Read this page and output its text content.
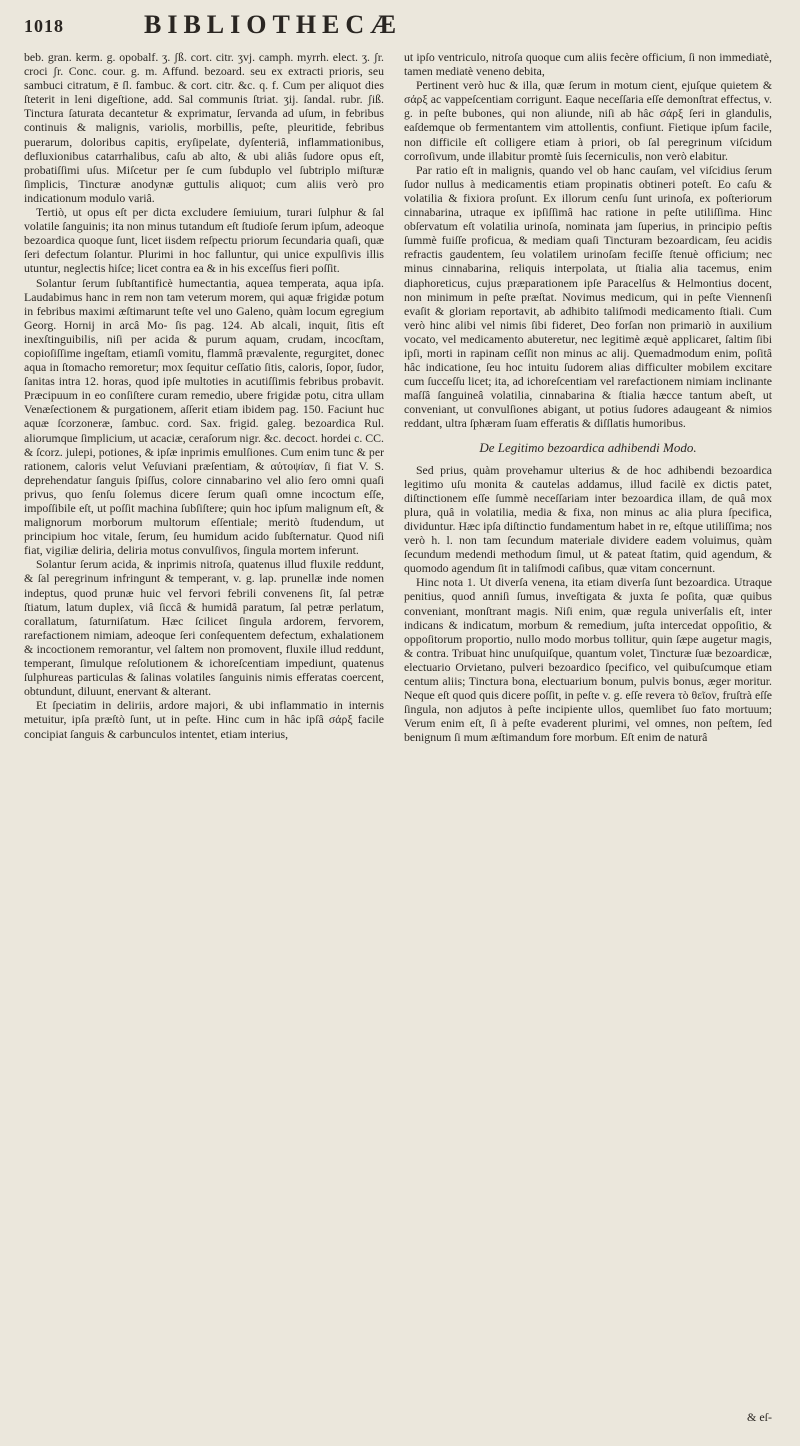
1018	BIBLIOTHECÆ

beb. gran. kerm. g. opobalf. ʒ. ʃß. cort. citr. ʒvj. camph. myrrh. elect. ʒ. ʃr. croci ʃr. Conc. cour. g. m. Affund. bezoard. seu ex extracti prioris, seu sambuci citratum, ē ſl. fambuc. & cort. citr. &c. q. f. Cum per aliquot dies ſteterit in leni digeſtione, add. Sal communis ſtriat. ʒij. ſandal. rubr. ʃiß. Tinctura ſaturata decantetur & exprimatur, ſervanda ad uſum, in febribus continuis & malignis, variolis, morbillis, peſte, pleuritide, febribus puerarum, doloribus capitis, eryſipelate, dyſenteriâ, inflammationibus, defluxionibus catarrhalibus, caſu ab alto, & ubi aliâs ſudore opus eſt, probatiſſimi uſus. Miſcetur per ſe cum ſubduplo vel ſubtriplo miſturæ ſimplicis, Tincturæ anodynæ guttulis aliquot; cum aliis verò pro indicationum modulo variâ.

Tertiò, ut opus eſt per dicta excludere ſemiuium, turari ſulphur & ſal volatile ſanguinis; ita non minus tutandum eſt ſtudioſe ſerum ipſum, adeoque bezoardica quoque ſunt, licet iisdem reſpectu priorum ſecundaria quaſi, quæ ſeri defectum ſolantur. Plurimi in hoc falluntur, qui unice expulſivis illis utuntur, neglectis hiſce; licet contra ea & in his exceſſus fieri poſſit.

Solantur ſerum ſubſtantificè humectantia, aquea temperata, aqua ipſa. Laudabimus hanc in rem non tam veterum morem, qui aquæ frigidæ potum in febribus maximi æſtimarunt teſte vel uno Galeno, quàm locum egregium Georg. Hornij in arcâ Mo- ſis pag. 124. Ab alcali, inquit, ſitis eſt inexſtinguibilis, niſi per acida & purum aquam, crudam, incocſtam, copioſiſſime ingeſtam, etiamſi vomitu, flammâ prævalente, regurgitet, donec aqua in ſtomacho remoretur; mox ſequitur ceſſatio ſitis, caloris, ſopor, ſudor, ſanitas intra 12. horas, quod ipſe multoties in acutiſſimis febribus probavit. Præcipuum in eo conſiſtere curam remedio, ubere frigidæ potu, citra ullam Venæſectionem & purgationem, aſſerit etiam ibidem pag. 150. Faciunt huc aquæ ſcorzoneræ, ſambuc. cord. Sax. frigid. galeg. bezoardica Rul. aliorumque ſimplicium, ut acaciæ, ceraſorum nigr. &c. decoct. hordei c. CC. & ſcorz. julepi, potiones, & ipſæ inprimis emulſiones. Cum enim tunc & per rationem, caloris velut Veſuviani præſentiam, & αὐτοψίαν, ſi fiat V. S. deprehendatur ſanguis ſpiſſus, colore cinnabarino vel alio ſero omni quaſi privus, quo ſenſu ſolemus dicere ſerum quaſi omne incoctum eſſe, impoſſibile eſt, ut poſſit machina ſubſiſtere; quin hoc ipſum malignum eſt, & malignorum morborum multorum eſſentiale; meritò ſtudendum, ut principium hoc vitale, ſerum, ſeu humidum acido ſubſternatur. Quod niſi fiat, vigiliæ deliria, deliria motus convulſivos, ſingula mortem inferunt.

Solantur ſerum acida, & inprimis nitroſa, quatenus illud fluxile reddunt, & ſal peregrinum infringunt & temperant, v. g. lap. prunellæ inde nomen indeptus, quod prunæ huic vel fervori febrili convenens ſit, ſal petræ ſtiatum, latum duplex, viâ ſiccâ & humidâ paratum, ſal petræ perlatum, corallatum, ſaturniſatum. Hæc ſcilicet ſingula ardorem, fervorem, rarefactionem nimiam, adeoque ſeri conſequentem defectum, exhalationem & incoctionem remorantur, vel ſaltem non promovent, fluxile illud reddunt, temperant, ſimulque reſolutionem & ichoreſcentiam impediunt, quatenus ſulphureas particulas & ſalinas volatiles ſanguinis nimis efferatas coercent, obtundunt, diluunt, enervant & alterant.

Et ſpeciatim in deliriis, ardore majori, & ubi inflammatio in internis metuitur, ipſa præſtò ſunt, ut in peſte. Hinc cum in hâc ipſâ σάρξ facile concipiat ſanguis & carbunculos intentet, etiam interius,

ut ipſo ventriculo, nitroſa quoque cum aliis fecère officium, ſi non immediatè, tamen mediatè veneno debita,

Pertinent verò huc & illa, quæ ſerum in motum cient, ejuſque quietem & σάρξ ac vappeſcentiam corrigunt. Eaque neceſſaria eſſe demonſtrat effectus, v. g. in peſte bubones, qui non aliunde, niſi ab hâc σάρξ ſeri in glandulis, eaſdemque ob fermentantem vim attollentis, confiunt. Fietique ipſum facile, non difficile eſt colligere etiam à priori, ob ſal peregrinum viſcidum corroſivum, unde illabitur promtè ſuis ſecerniculis, non verò elabitur.

Par ratio eſt in malignis, quando vel ob hanc cauſam, vel viſcidius ſerum ſudor nullus à medicamentis etiam propinatis obtineri poteſt. Eo caſu & volatilia & fixiora proſunt. Ex illorum cenſu ſunt urinoſa, ex poſteriorum cinnabarina, utraque ex ipſiſſimâ hac ratione in peſte utiliſſima. Hinc obſervatum eſt volatilia urinoſa, nominata jam ſuperius, in principio peſtis ſummè fuiſſe proficua, & mediam quaſi Tincturam bezoardicam, ſeu acidis refractis gaudentem, ſeu volatilem urinoſam feciſſe ſtenuè officium; nec minus cinnabarina, reliquis interpolata, ut ſtialia alia tacemus, enim diaphoreticus, cujus præparationem ipſe Paracelſus & Helmontius docent, non minimum in peſte præſtat. Novimus medicum, qui in peſte Viennenſi evaſit & gloriam reportavit, ab adhibito taliſmodi medicamento ſtiali. Cum verò hinc alibi vel nimis ſibi fideret, Deo forſan non primariò in auxilium vocato, vel medicamento abuteretur, nec legitimè æquè applicaret, ſaltim ſibi ipſi, morti in rapinam ceſſit non minus ac alij. Quemadmodum enim, poſitâ hâc indicatione, ſeu hoc intuitu ſudorem alias difficulter mobilem excitare cum ſucceſſu licet; ita, ad ichoreſcentiam vel rarefactionem nimiam inclinante maſſâ ſanguineâ volatilia, cinnabarina & ſtialia hæcce tantum abeſt, ut conveniant, ut convulſiones abigant, ut potius ſudores adaugeant & nimios reddant, ultra ſphæram ſuam efferatis & diſſlatis humoribus.

De Legitimo bezoardica adhibendi Modo.

Sed prius, quàm provehamur ulterius & de hoc adhibendi bezoardica legitimo uſu monita & cautelas addamus, illud facilè ex dictis patet, diſtinctionem eſſe ſummè neceſſariam inter bezoardica illam, de quâ mox plura, quâ in volatilia, media & fixa, non minus ac alia plura ſpecifica, dividuntur. Hæc ipſa diſtinctio fundamentum habet in re, eſtque utiliſſima; nos verò h. l. non tam ſecundum materiale dividere eadem voluimus, quàm ſecundum medendi methodum ſimul, ut & pateat ſtatim, quid agendum, & quomodo agendum ſit in taliſmodi caſibus, quæ vitam concernunt.

Hinc nota 1. Ut diverſa venena, ita etiam diverſa ſunt bezoardica. Utraque penitius, quod anniſi ſumus, inveſtigata & juxta ſe poſita, quæ quibus conveniant, monſtrant magis. Niſi enim, quæ regula univerſalis eſt, inter indicans & indicatum, morbum & remedium, juſta intercedat oppoſitio, & oppoſitorum proportio, nullo modo morbus tollitur, quin ſæpe augetur magis, & contra. Tribuat hinc unuſquiſque, quantum volet, Tincturæ ſuæ bezoardicæ, electuario Orvietano, pulveri bezoardico ſpecifico, vel quibuſcumque etiam centum aliis; Tinctura bona, electuarium bonum, pulvis bonus, æger moritur. Neque eſt quod quis dicere poſſit, in peſte v. g. eſſe revera τὸ θεῖον, fruſtrà eſſe ſingula, non adjutos à peſte incipiente ullos, quemlibet ſuo fato mortuum; Verum enim eſt, ſi à peſte evaderent plurimi, vel omnes, non peſtem, ſed benignum ſi mum æſtimandum fore morbum. Eſt enim de naturâ

& eſ-
